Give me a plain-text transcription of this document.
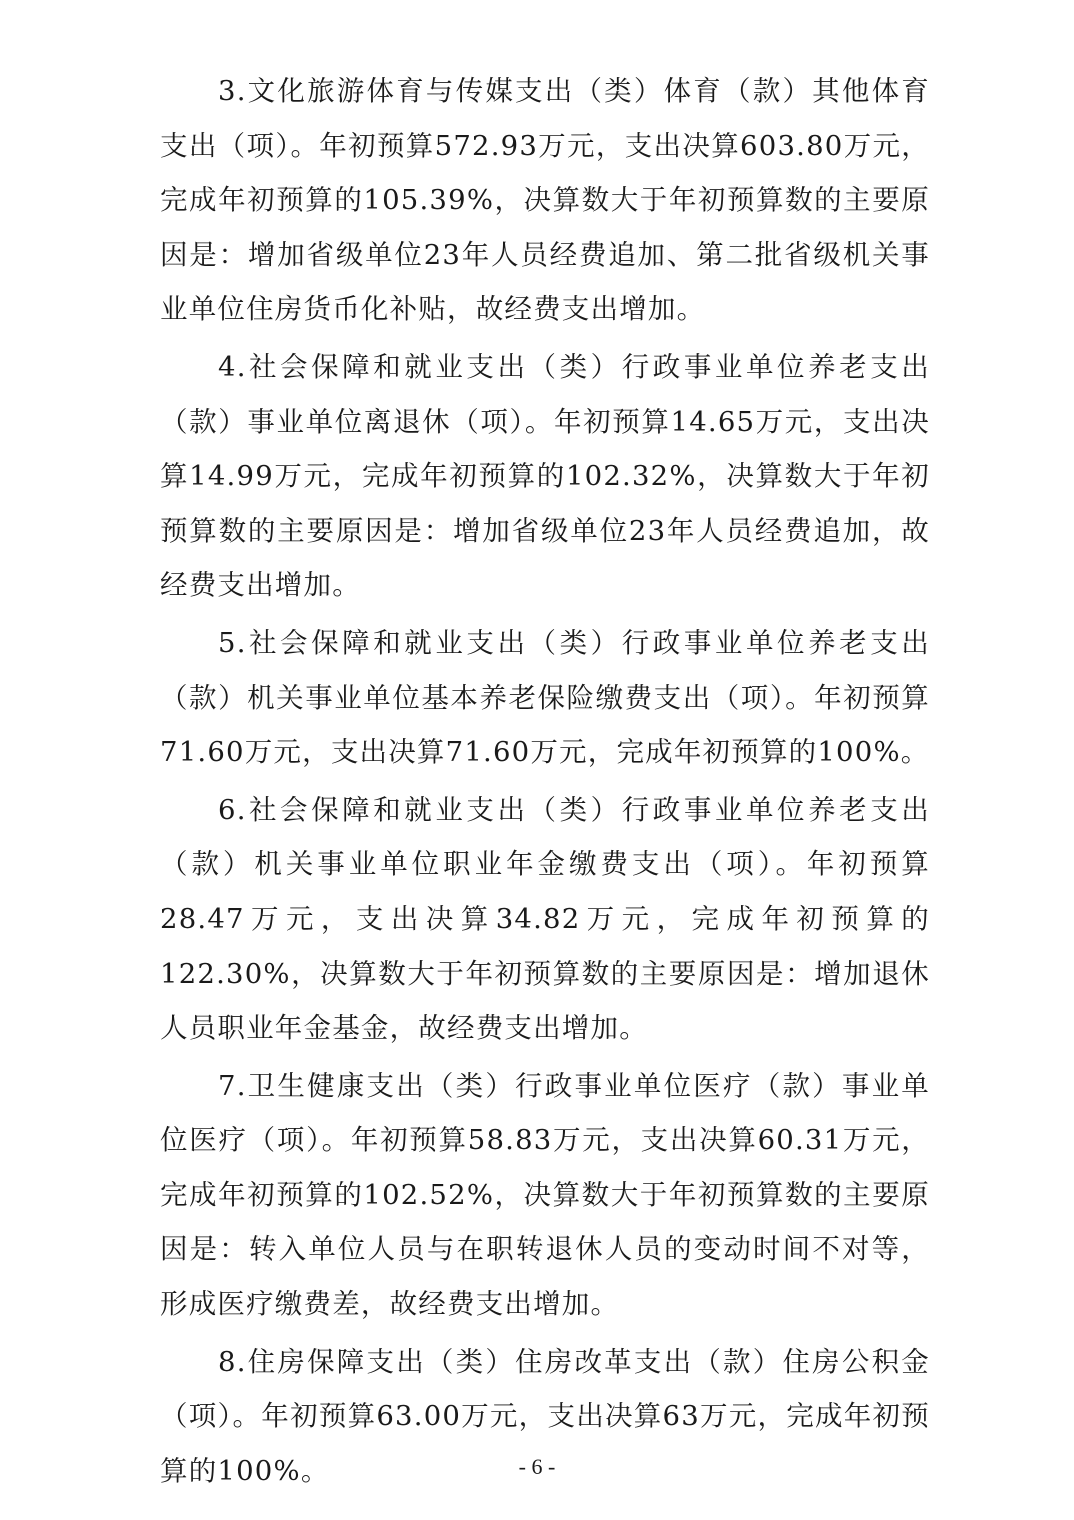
3.文化旅游体育与传媒支出（类）体育（款）其他体育支出（项）。年初预算572.93万元，支出决算603.80万元，完成年初预算的105.39%，决算数大于年初预算数的主要原因是：增加省级单位23年人员经费追加、第二批省级机关事业单位住房货币化补贴，故经费支出增加。

4.社会保障和就业支出（类）行政事业单位养老支出（款）事业单位离退休（项）。年初预算14.65万元，支出决算14.99万元，完成年初预算的102.32%，决算数大于年初预算数的主要原因是：增加省级单位23年人员经费追加，故经费支出增加。

5.社会保障和就业支出（类）行政事业单位养老支出（款）机关事业单位基本养老保险缴费支出（项）。年初预算71.60万元，支出决算71.60万元，完成年初预算的100%。

6.社会保障和就业支出（类）行政事业单位养老支出（款）机关事业单位职业年金缴费支出（项）。年初预算28.47万元，支出决算34.82万元，完成年初预算的122.30%，决算数大于年初预算数的主要原因是：增加退休人员职业年金基金，故经费支出增加。

7.卫生健康支出（类）行政事业单位医疗（款）事业单位医疗（项）。年初预算58.83万元，支出决算60.31万元，完成年初预算的102.52%，决算数大于年初预算数的主要原因是：转入单位人员与在职转退休人员的变动时间不对等，形成医疗缴费差，故经费支出增加。

8.住房保障支出（类）住房改革支出（款）住房公积金（项）。年初预算63.00万元，支出决算63万元，完成年初预算的100%。	- 6 -
